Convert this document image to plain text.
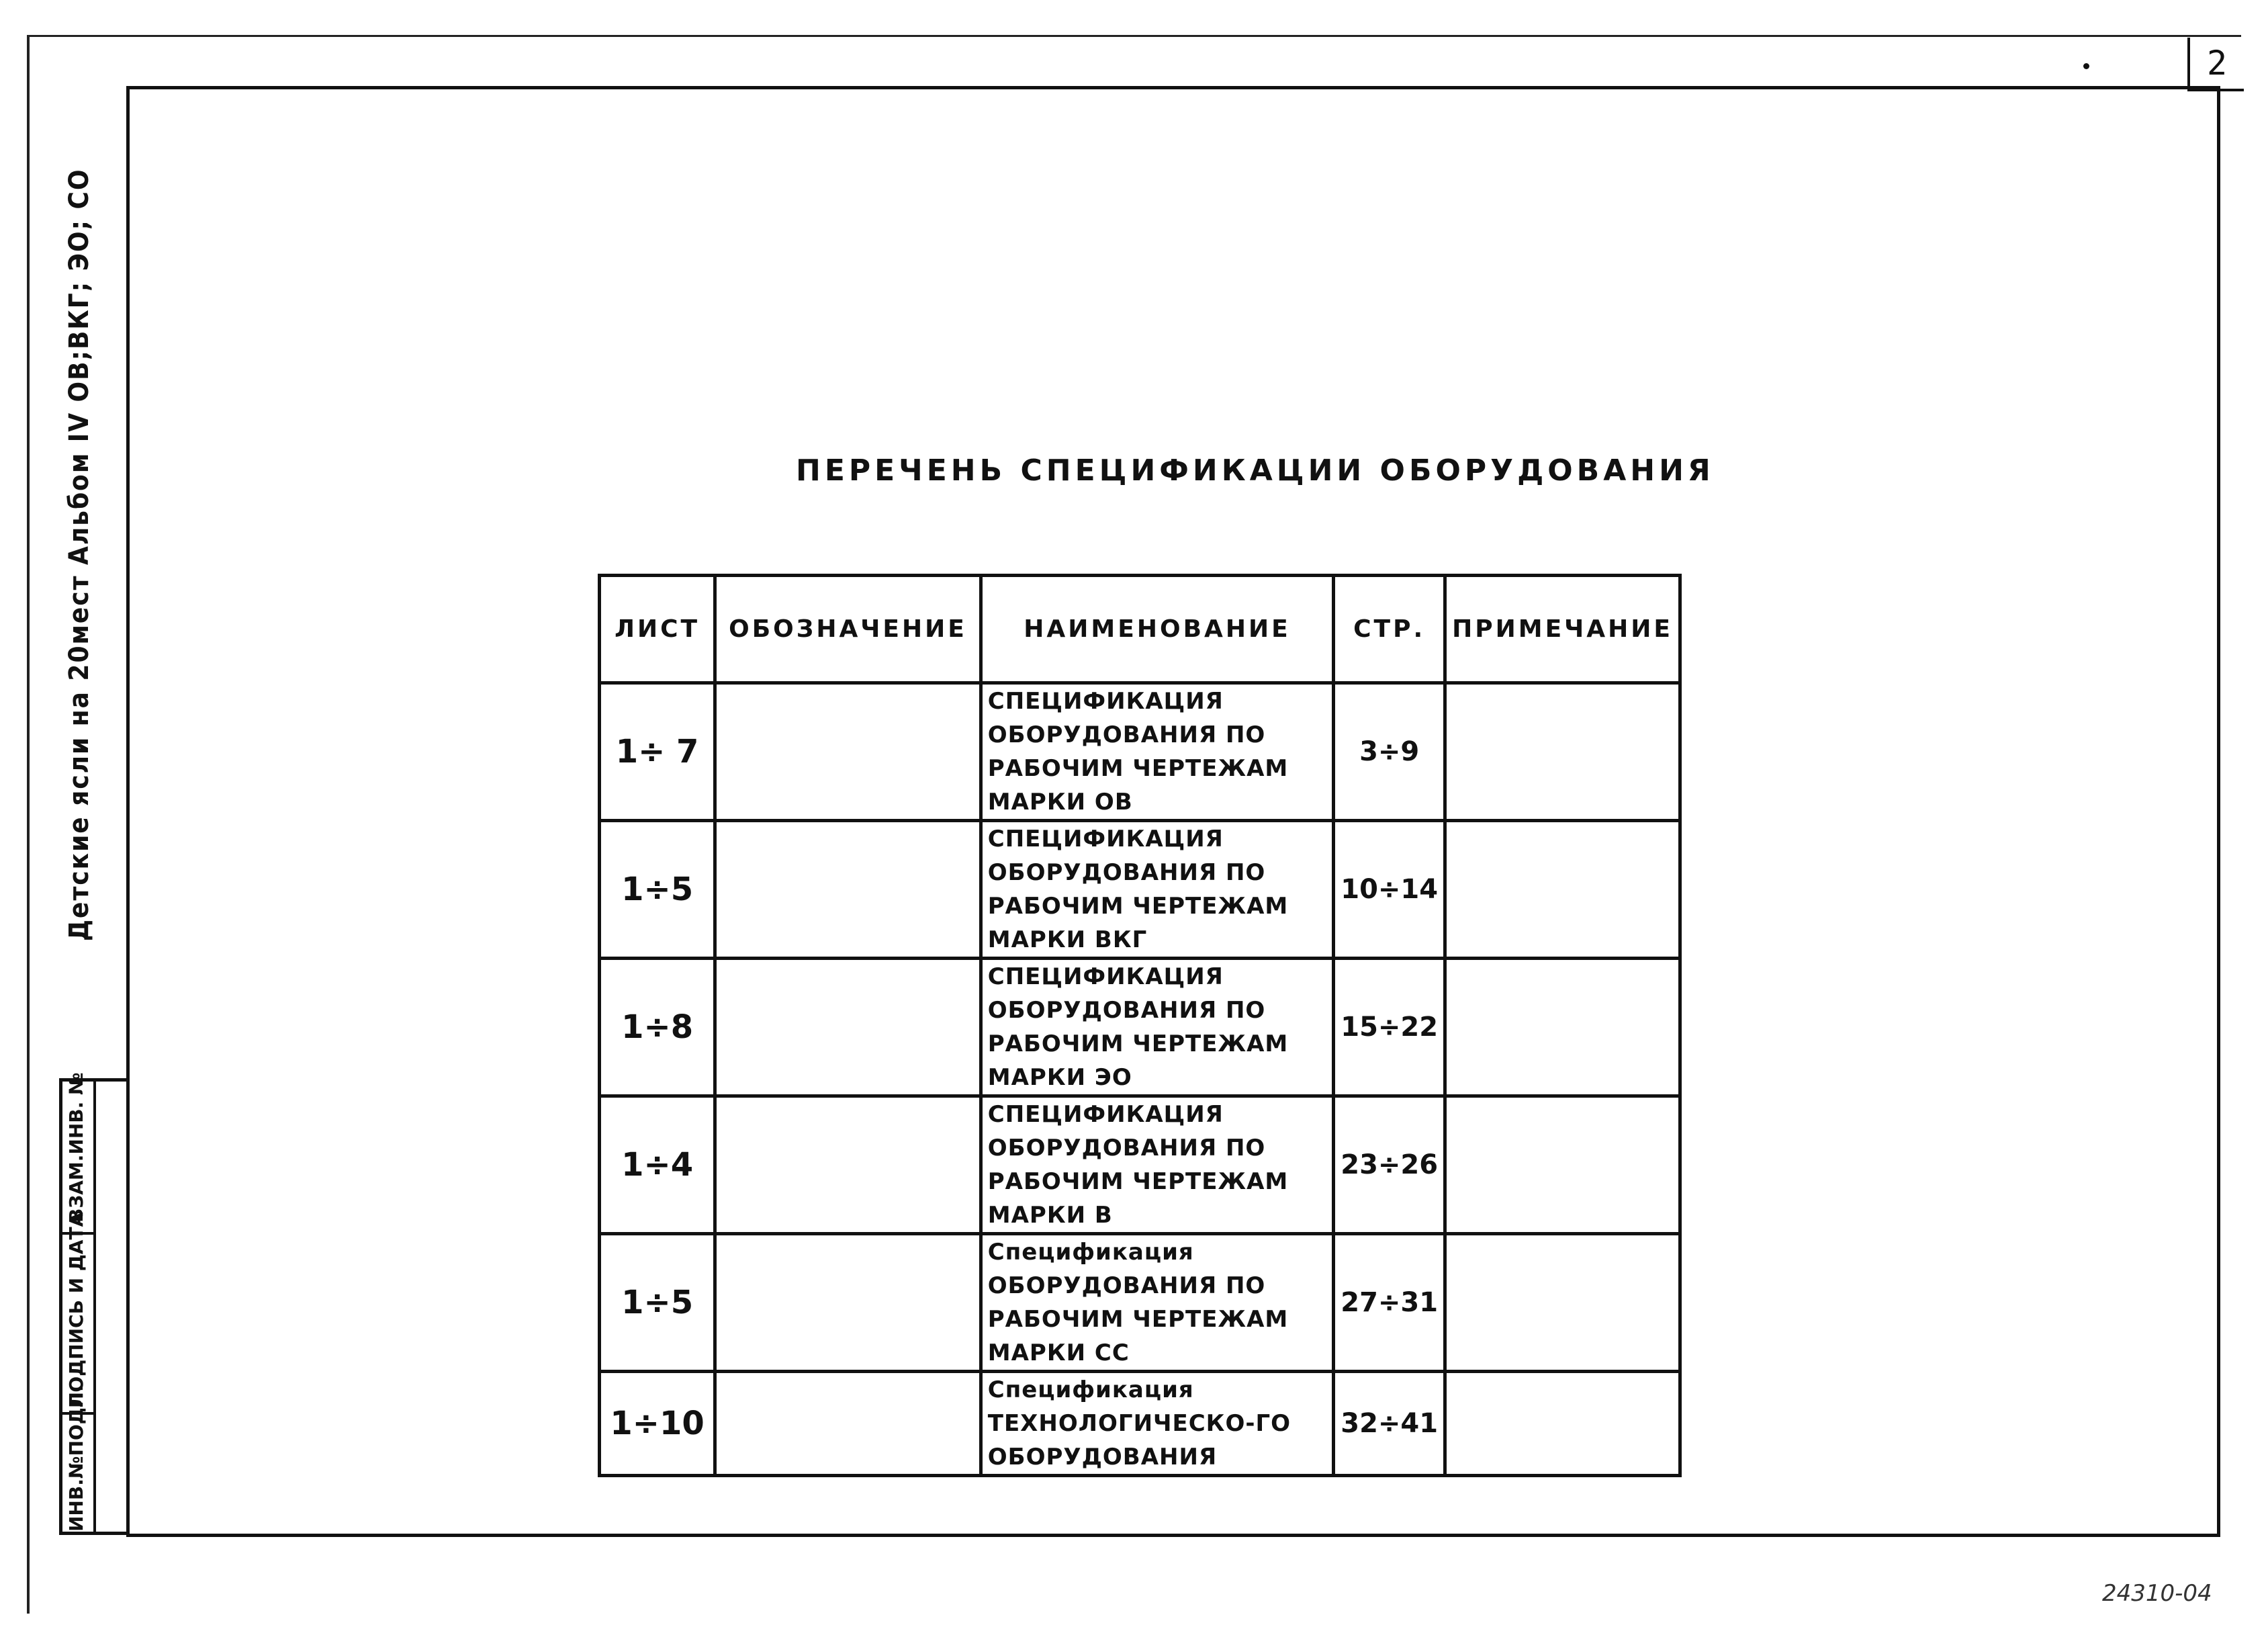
2
Детские ясли на 20мест Альбом IV ОВ;ВКГ; ЭО; СО
ВЗАМ.ИНВ. №
ПОДПИСЬ И ДАТА
ИНВ.№ПОДЛ.
ПЕРЕЧЕНЬ СПЕЦИФИКАЦИИ ОБОРУДОВАНИЯ
ЛИСТ	ОБОЗНАЧЕНИЕ	НАИМЕНОВАНИЕ	СТР.	ПРИМЕЧАНИЕ
1÷ 7		СПЕЦИФИКАЦИЯ ОБОРУДОВАНИЯ ПО РАБОЧИМ ЧЕРТЕЖАМ МАРКИ ОВ	3÷9	
1÷5		СПЕЦИФИКАЦИЯ ОБОРУДОВАНИЯ ПО РАБОЧИМ ЧЕРТЕЖАМ МАРКИ ВКГ	10÷14	
1÷8		СПЕЦИФИКАЦИЯ ОБОРУДОВАНИЯ ПО РАБОЧИМ ЧЕРТЕЖАМ МАРКИ ЭО	15÷22	
1÷4		СПЕЦИФИКАЦИЯ ОБОРУДОВАНИЯ ПО РАБОЧИМ ЧЕРТЕЖАМ МАРКИ В	23÷26	
1÷5		Спецификация ОБОРУДОВАНИЯ ПО РАБОЧИМ ЧЕРТЕЖАМ МАРКИ СС	27÷31	
1÷10		Спецификация ТЕХНОЛОГИЧЕСКО-ГО ОБОРУДОВАНИЯ	32÷41	
24310-04
